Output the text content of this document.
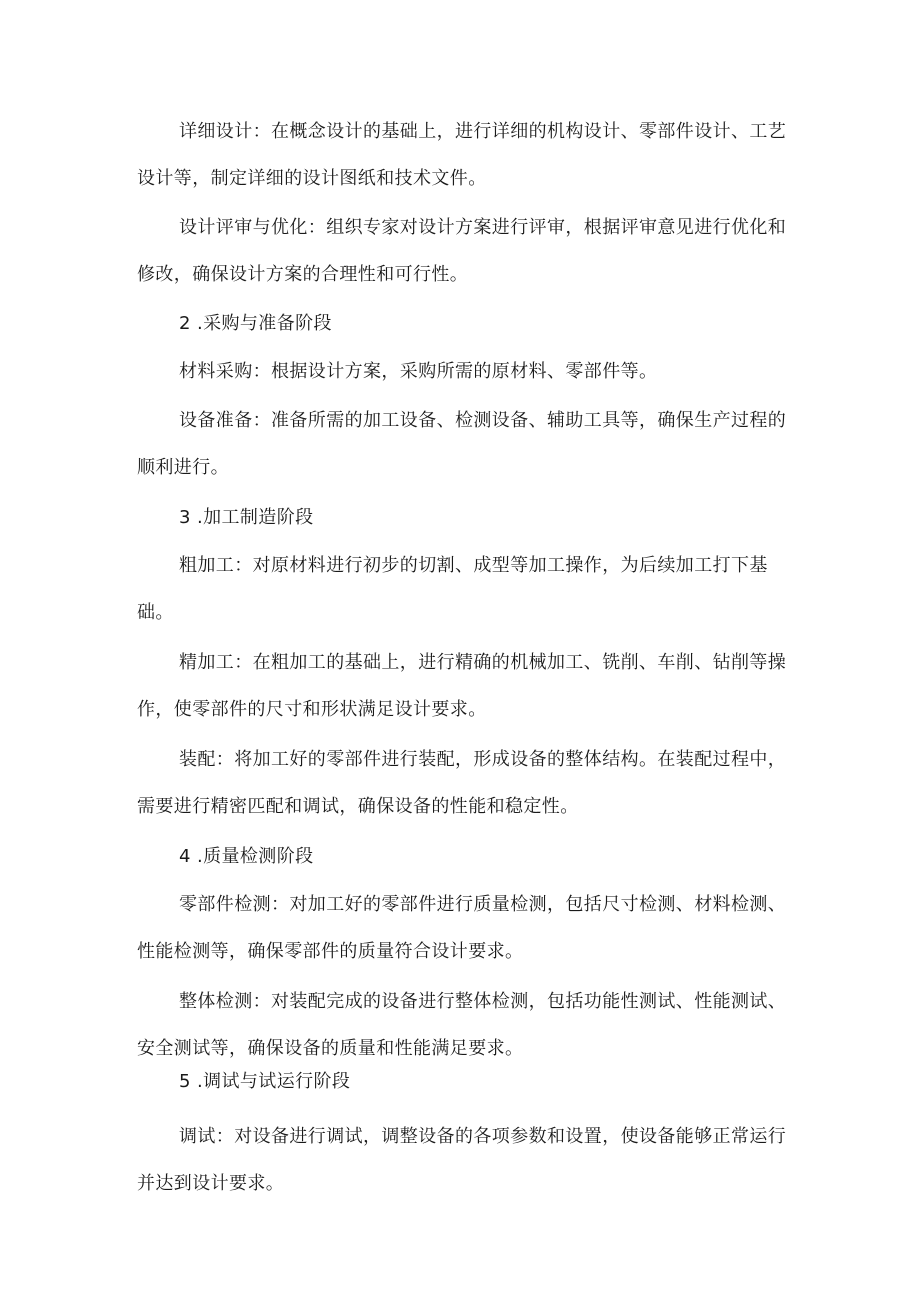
详细设计：在概念设计的基础上，进行详细的机构设计、零部件设计、工艺设计等，制定详细的设计图纸和技术文件。

设计评审与优化：组织专家对设计方案进行评审，根据评审意见进行优化和修改，确保设计方案的合理性和可行性。

2 .采购与准备阶段

材料采购：根据设计方案，采购所需的原材料、零部件等。

设备准备：准备所需的加工设备、检测设备、辅助工具等，确保生产过程的顺利进行。

3 .加工制造阶段

粗加工：对原材料进行初步的切割、成型等加工操作，为后续加工打下基础。

精加工：在粗加工的基础上，进行精确的机械加工、铣削、车削、钻削等操作，使零部件的尺寸和形状满足设计要求。

装配：将加工好的零部件进行装配，形成设备的整体结构。在装配过程中，需要进行精密匹配和调试，确保设备的性能和稳定性。

4 .质量检测阶段

零部件检测：对加工好的零部件进行质量检测，包括尺寸检测、材料检测、性能检测等，确保零部件的质量符合设计要求。

整体检测：对装配完成的设备进行整体检测，包括功能性测试、性能测试、安全测试等，确保设备的质量和性能满足要求。

5 .调试与试运行阶段

调试：对设备进行调试，调整设备的各项参数和设置，使设备能够正常运行并达到设计要求。
